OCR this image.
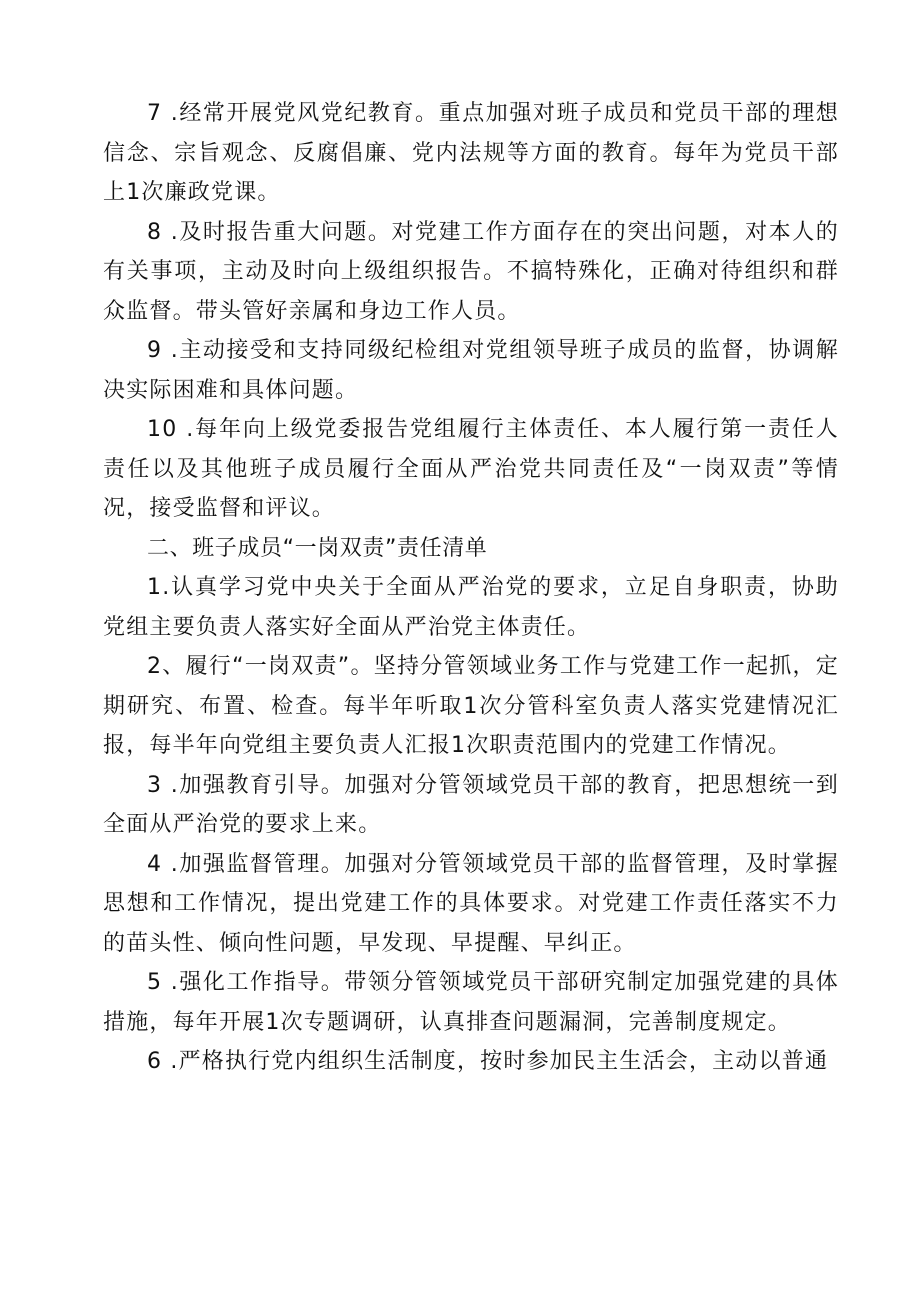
7 .经常开展党风党纪教育。重点加强对班子成员和党员干部的理想信念、宗旨观念、反腐倡廉、党内法规等方面的教育。每年为党员干部上1次廉政党课。

8 .及时报告重大问题。对党建工作方面存在的突出问题，对本人的有关事项，主动及时向上级组织报告。不搞特殊化，正确对待组织和群众监督。带头管好亲属和身边工作人员。

9 .主动接受和支持同级纪检组对党组领导班子成员的监督，协调解决实际困难和具体问题。

10 .每年向上级党委报告党组履行主体责任、本人履行第一责任人责任以及其他班子成员履行全面从严治党共同责任及“一岗双责”等情况，接受监督和评议。

二、班子成员“一岗双责”责任清单

1.认真学习党中央关于全面从严治党的要求，立足自身职责，协助党组主要负责人落实好全面从严治党主体责任。

2、履行“一岗双责”。坚持分管领域业务工作与党建工作一起抓，定期研究、布置、检查。每半年听取1次分管科室负责人落实党建情况汇报，每半年向党组主要负责人汇报1次职责范围内的党建工作情况。

3 .加强教育引导。加强对分管领域党员干部的教育，把思想统一到全面从严治党的要求上来。

4 .加强监督管理。加强对分管领域党员干部的监督管理，及时掌握思想和工作情况，提出党建工作的具体要求。对党建工作责任落实不力的苗头性、倾向性问题，早发现、早提醒、早纠正。

5 .强化工作指导。带领分管领域党员干部研究制定加强党建的具体措施，每年开展1次专题调研，认真排查问题漏洞，完善制度规定。

6 .严格执行党内组织生活制度，按时参加民主生活会，主动以普通
